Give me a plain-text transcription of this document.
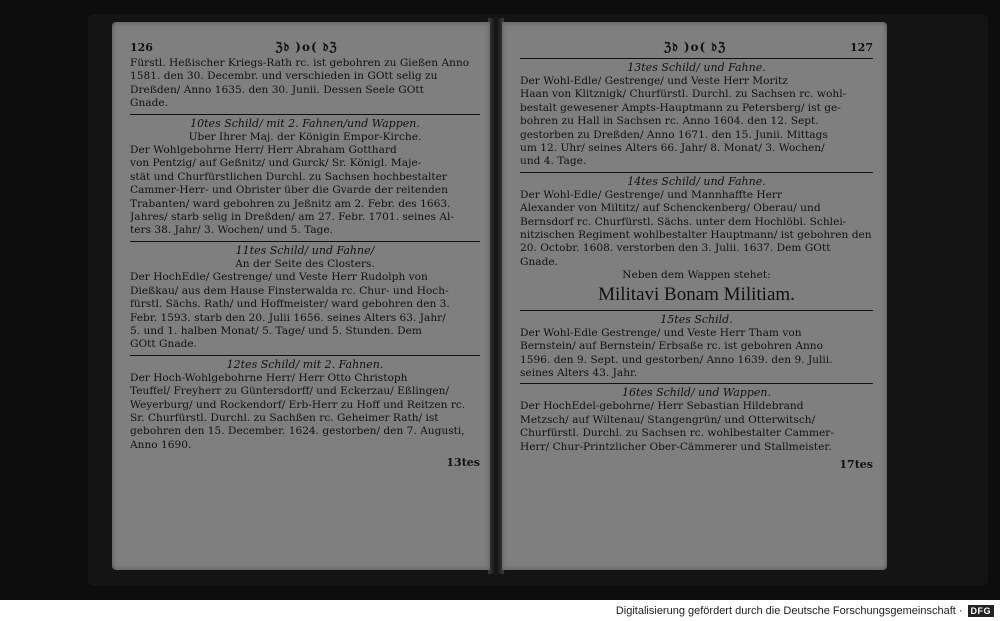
126	ℨ𝔡 )o( 𝔡ℨ
Fürstl. Heßischer Kriegs-Rath rc. ist gebohren zu Gießen Anno
1581. den 30. Decembr. und verschieden in GOtt selig zu
Dreßden/ Anno 1635. den 30. Junii. Dessen Seele GOtt
Gnade.
10tes Schild/ mit 2. Fahnen/und Wappen.
Uber Ihrer Maj. der Königin Empor-Kirche.
Der Wohlgebohrne Herr/ Herr Abraham Gotthard
von Pentzig/ auf Geßnitz/ und Gurck/ Sr. Königl. Maje-
stät und Churfürstlichen Durchl. zu Sachsen hochbestalter
Cammer-Herr- und Obrister über die Gvarde der reitenden
Trabanten/ ward gebohren zu Jeßnitz am 2. Febr. des 1663.
Jahres/ starb selig in Dreßden/ am 27. Febr. 1701. seines Al-
ters 38. Jahr/ 3. Wochen/ und 5. Tage.
11tes Schild/ und Fahne/
An der Seite des Closters.
Der HochEdle/ Gestrenge/ und Veste Herr Rudolph von
Dießkau/ aus dem Hause Finsterwalda rc. Chur- und Hoch-
fürstl. Sächs. Rath/ und Hoffmeister/ ward gebohren den 3.
Febr. 1593. starb den 20. Julii 1656. seines Alters 63. Jahr/
5. und 1. halben Monat/ 5. Tage/ und 5. Stunden. Dem
GOtt Gnade.
12tes Schild/ mit 2. Fahnen.
Der Hoch-Wohlgebohrne Herr/ Herr Otto Christoph
Teuffel/ Freyherr zu Güntersdorff/ und Eckerzau/ Eßlingen/
Weyerburg/ und Rockendorf/ Erb-Herr zu Hoff und Reitzen rc.
Sr. Churfürstl. Durchl. zu Sachßen rc. Geheimer Rath/ ist
gebohren den 15. December. 1624. gestorben/ den 7. Augusti,
Anno 1690.
13tes
ℨ𝔡 )o( 𝔡ℨ	127
13tes Schild/ und Fahne.
Der Wohl-Edle/ Gestrenge/ und Veste Herr Moritz
Haan von Klitznigk/ Churfürstl. Durchl. zu Sachsen rc. wohl-
bestalt gewesener Ampts-Hauptmann zu Petersberg/ ist ge-
bohren zu Hall in Sachsen rc. Anno 1604. den 12. Sept.
gestorben zu Dreßden/ Anno 1671. den 15. Junii. Mittags
um 12. Uhr/ seines Alters 66. Jahr/ 8. Monat/ 3. Wochen/
und 4. Tage.
14tes Schild/ und Fahne.
Der Wohl-Edle/ Gestrenge/ und Mannhaffte Herr
Alexander von Miltitz/ auf Schenckenberg/ Oberau/ und
Bernsdorf rc. Churfürstl. Sächs. unter dem Hochlöbl. Schlei-
nitzischen Regiment wohlbestalter Hauptmann/ ist gebohren den
20. Octobr. 1608. verstorben den 3. Julii. 1637. Dem GOtt
Gnade.
Neben dem Wappen stehet:
Militavi Bonam Militiam.
15tes Schild.
Der Wohl-Edle Gestrenge/ und Veste Herr Tham von
Bernstein/ auf Bernstein/ Erbsaße rc. ist gebohren Anno
1596. den 9. Sept. und gestorben/ Anno 1639. den 9. Julii.
seines Alters 43. Jahr.
16tes Schild/ und Wappen.
Der HochEdel-gebohrne/ Herr Sebastian Hildebrand
Metzsch/ auf Wiltenau/ Stangengrün/ und Otterwitsch/
Churfürstl. Durchl. zu Sachsen rc. wohlbestalter Cammer-
Herr/ Chur-Printzlicher Ober-Cämmerer und Stallmeister.
17tes
Digitalisierung gefördert durch die Deutsche Forschungsgemeinschaft · DFG
